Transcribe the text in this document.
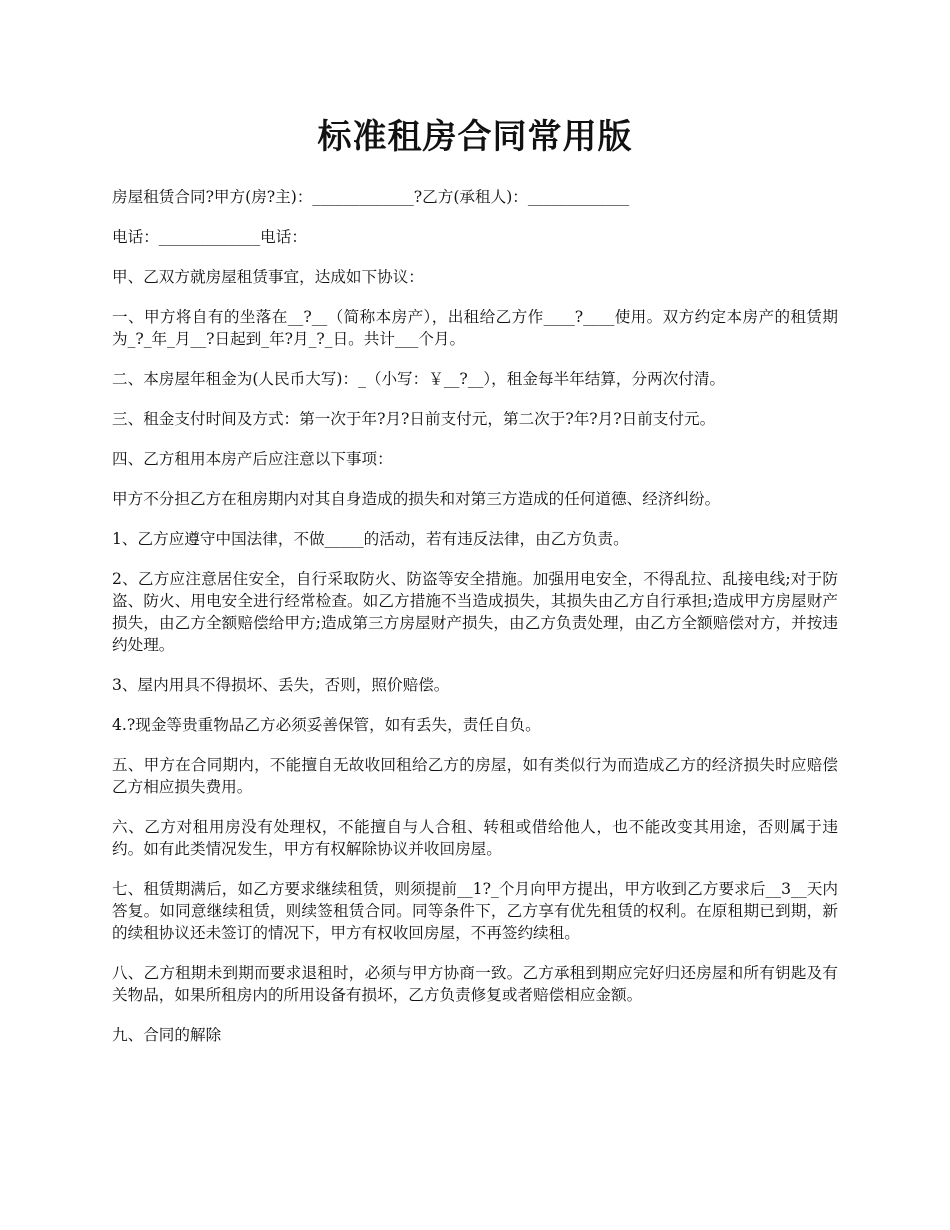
标准租房合同常用版

房屋租赁合同?甲方(房?主)：_____________?乙方(承租人)：_____________

电话：_____________电话：

甲、乙双方就房屋租赁事宜，达成如下协议：

一、甲方将自有的坐落在__?__（简称本房产），出租给乙方作____?____使用。双方约定本房产的租赁期为_?_年_月__?日起到_年?月_?_日。共计___个月。

二、本房屋年租金为(人民币大写)：_（小写：￥__?__），租金每半年结算，分两次付清。

三、租金支付时间及方式：第一次于年?月?日前支付元，第二次于?年?月?日前支付元。

四、乙方租用本房产后应注意以下事项：

甲方不分担乙方在租房期内对其自身造成的损失和对第三方造成的任何道德、经济纠纷。

1、乙方应遵守中国法律，不做_____的活动，若有违反法律，由乙方负责。

2、乙方应注意居住安全，自行采取防火、防盗等安全措施。加强用电安全，不得乱拉、乱接电线;对于防盗、防火、用电安全进行经常检查。如乙方措施不当造成损失，其损失由乙方自行承担;造成甲方房屋财产损失，由乙方全额赔偿给甲方;造成第三方房屋财产损失，由乙方负责处理，由乙方全额赔偿对方，并按违约处理。

3、屋内用具不得损坏、丢失，否则，照价赔偿。

4.?现金等贵重物品乙方必须妥善保管，如有丢失，责任自负。

五、甲方在合同期内，不能擅自无故收回租给乙方的房屋，如有类似行为而造成乙方的经济损失时应赔偿乙方相应损失费用。

六、乙方对租用房没有处理权，不能擅自与人合租、转租或借给他人，也不能改变其用途，否则属于违约。如有此类情况发生，甲方有权解除协议并收回房屋。

七、租赁期满后，如乙方要求继续租赁，则须提前__1?_个月向甲方提出，甲方收到乙方要求后__3__天内答复。如同意继续租赁，则续签租赁合同。同等条件下，乙方享有优先租赁的权利。在原租期已到期，新的续租协议还未签订的情况下，甲方有权收回房屋，不再签约续租。

八、乙方租期未到期而要求退租时，必须与甲方协商一致。乙方承租到期应完好归还房屋和所有钥匙及有关物品，如果所租房内的所用设备有损坏，乙方负责修复或者赔偿相应金额。

九、合同的解除
